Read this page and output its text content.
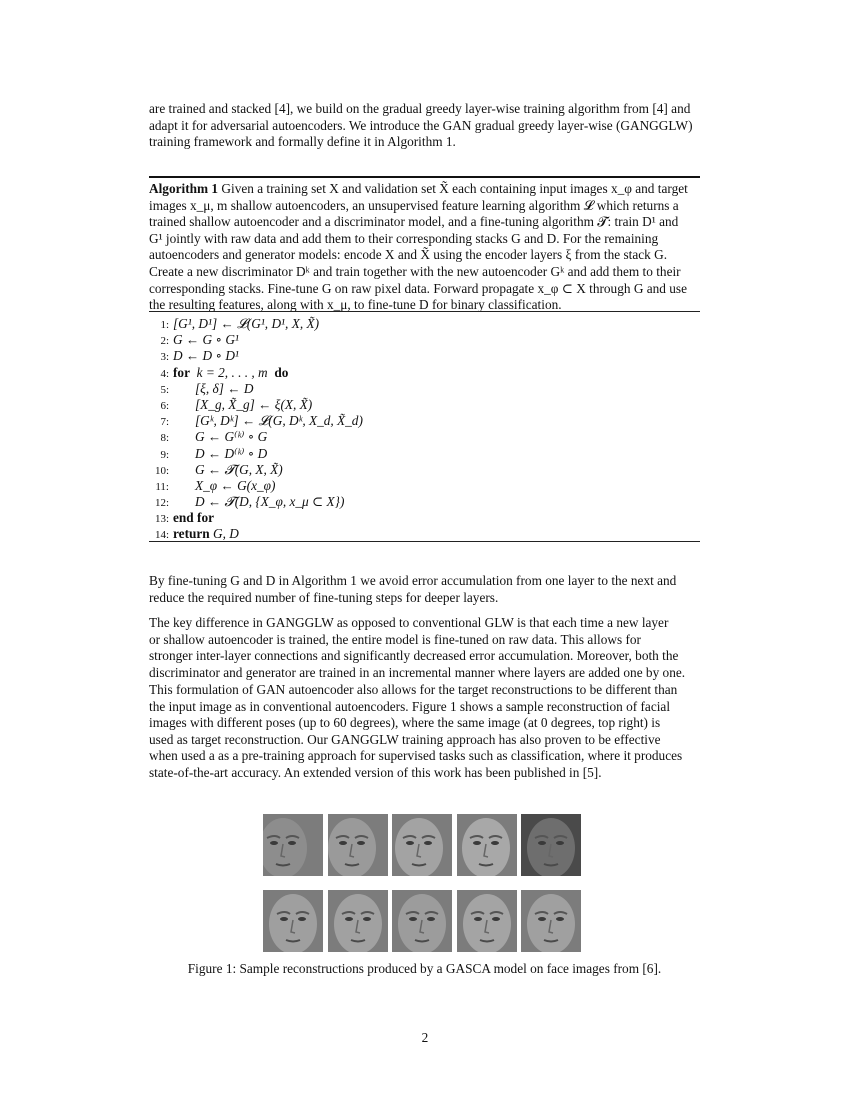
are trained and stacked [4], we build on the gradual greedy layer-wise training algorithm from [4] and
adapt it for adversarial autoencoders. We introduce the GAN gradual greedy layer-wise (GANGGLW)
training framework and formally define it in Algorithm 1.
Algorithm 1 Given a training set X and validation set X̃ each containing input images x_φ and target
images x_μ, m shallow autoencoders, an unsupervised feature learning algorithm 𝓛 which returns a
trained shallow autoencoder and a discriminator model, and a fine-tuning algorithm 𝓣: train D¹ and
G¹ jointly with raw data and add them to their corresponding stacks G and D. For the remaining
autoencoders and generator models: encode X and X̃ using the encoder layers ξ from the stack G.
Create a new discriminator Dᵏ and train together with the new autoencoder Gᵏ and add them to their
corresponding stacks. Fine-tune G on raw pixel data. Forward propagate x_φ ⊂ X through G and use
the resulting features, along with x_μ, to fine-tune D for binary classification.
1: [G¹, D¹] ← 𝓛(G¹, D¹, X, X̃)
2: G ← G ∘ G¹
3: D ← D ∘ D¹
4: for k = 2, . . . , m do
5: [ξ, δ] ← D
6: [X_g, X̃_g] ← ξ(X, X̃)
7: [Gᵏ, Dᵏ] ← 𝓛(G, Dᵏ, X_d, X̃_d)
8: G ← G⁽ᵏ⁾ ∘ G
9: D ← D⁽ᵏ⁾ ∘ D
10: G ← 𝓣(G, X, X̃)
11: X_φ ← G(x_φ)
12: D ← 𝓣(D, {X_φ, x_μ ⊂ X})
13: end for
14: return G, D
By fine-tuning G and D in Algorithm 1 we avoid error accumulation from one layer to the next and
reduce the required number of fine-tuning steps for deeper layers.
The key difference in GANGGLW as opposed to conventional GLW is that each time a new layer
or shallow autoencoder is trained, the entire model is fine-tuned on raw data. This allows for
stronger inter-layer connections and significantly decreased error accumulation. Moreover, both the
discriminator and generator are trained in an incremental manner where layers are added one by one.
This formulation of GAN autoencoder also allows for the target reconstructions to be different than
the input image as in conventional autoencoders. Figure 1 shows a sample reconstruction of facial
images with different poses (up to 60 degrees), where the same image (at 0 degrees, top right) is
used as target reconstruction. Our GANGGLW training approach has also proven to be effective
when used a as a pre-training approach for supervised tasks such as classification, where it produces
state-of-the-art accuracy. An extended version of this work has been published in [5].
Figure 1: Sample reconstructions produced by a GASCA model on face images from [6].
2
